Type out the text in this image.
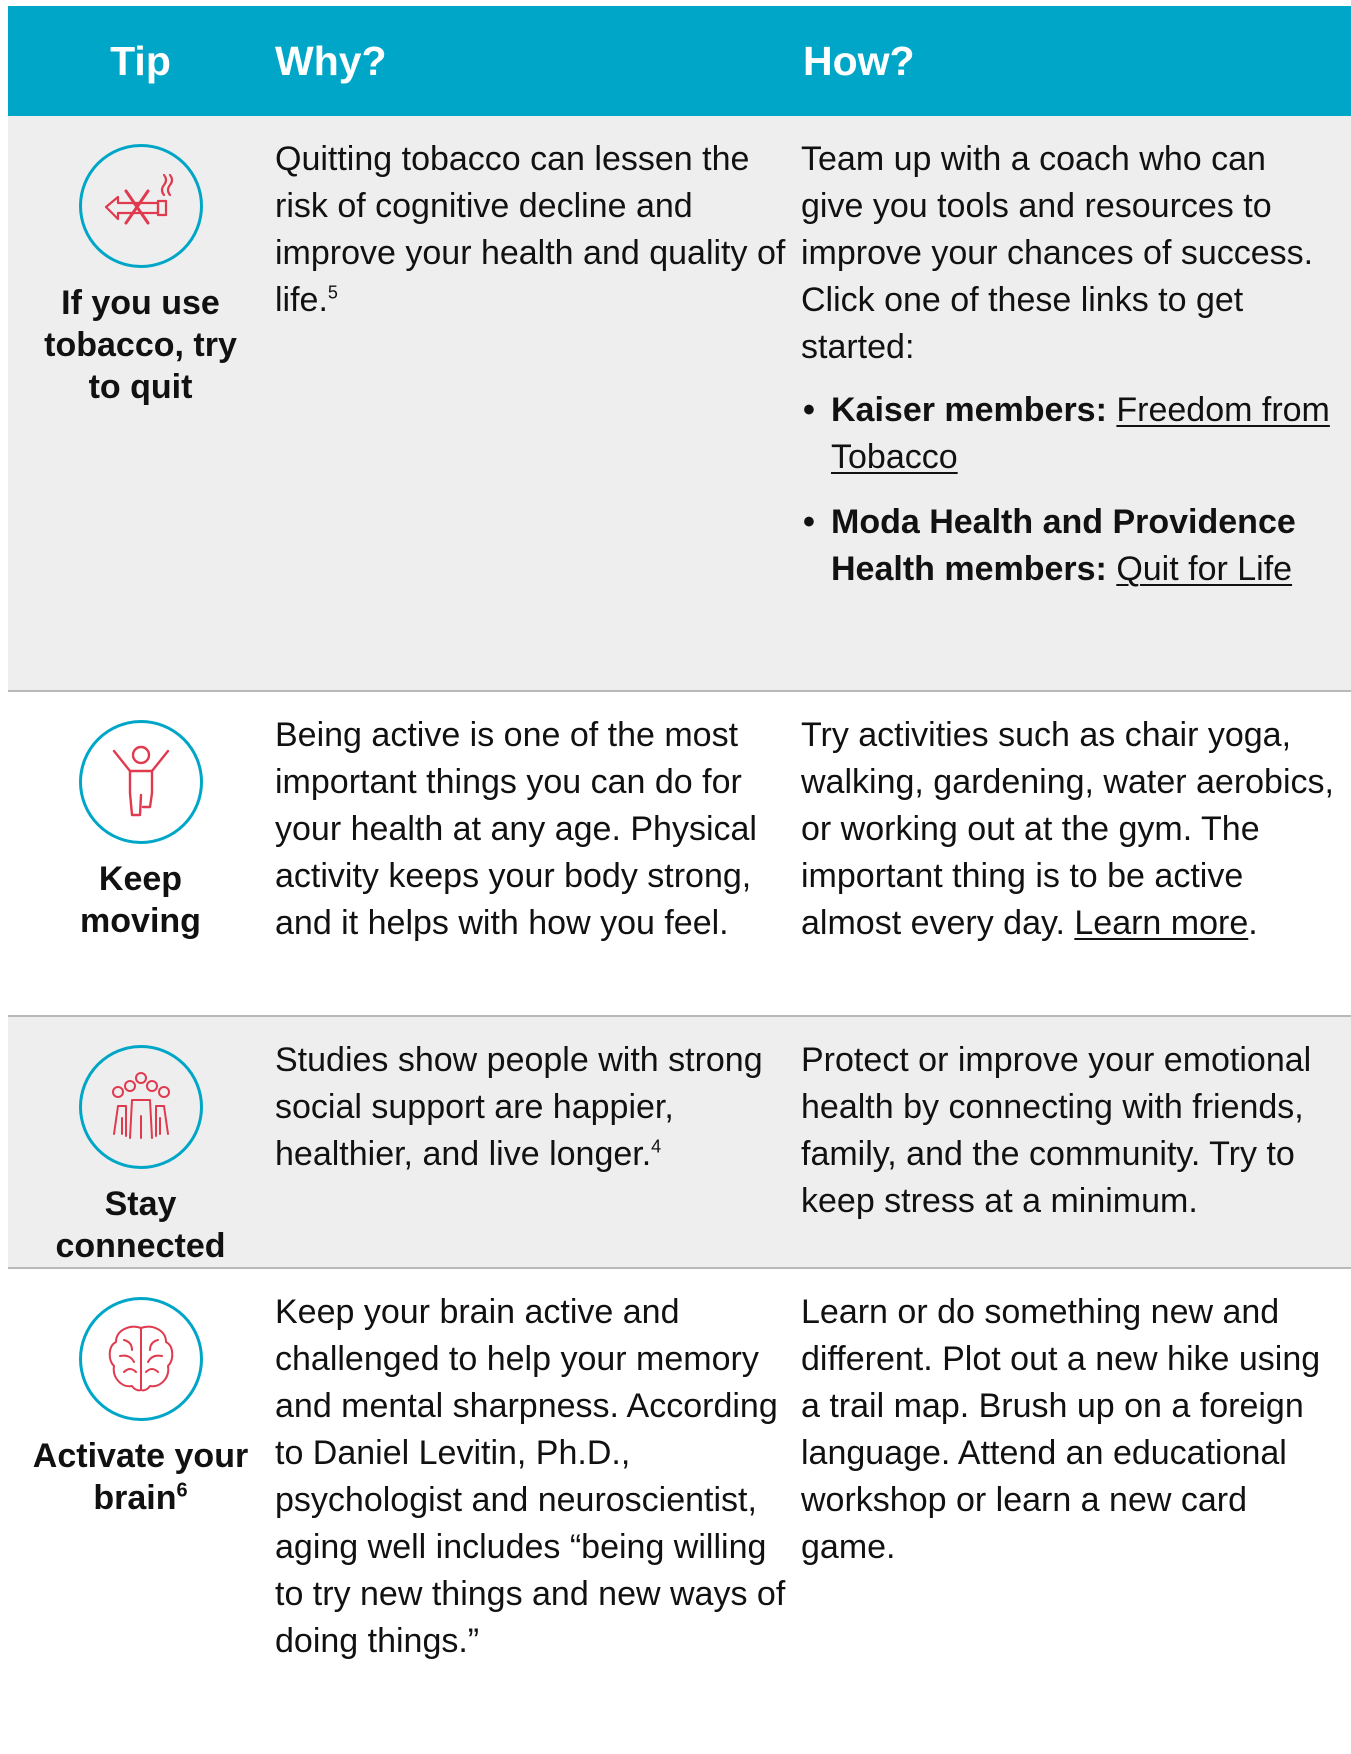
Tip	Why?	How?
If you use
tobacco, try
to quit
Quitting tobacco can lessen the risk of cognitive decline and improve your health and quality of life.$^5$
Team up with a coach who can give you tools and resources to improve your chances of success. Click one of these links to get started:
• Kaiser members: Freedom from Tobacco
• Moda Health and Providence Health members: Quit for Life
Keep
moving
Being active is one of the most important things you can do for your health at any age. Physical activity keeps your body strong, and it helps with how you feel.
Try activities such as chair yoga, walking, gardening, water aerobics, or working out at the gym. The important thing is to be active almost every day. Learn more.
Stay
connected
Studies show people with strong social support are happier, healthier, and live longer.$^4$
Protect or improve your emotional health by connecting with friends, family, and the community. Try to keep stress at a minimum.
Activate your
brain$^6$
Keep your brain active and challenged to help your memory and mental sharpness. According to Daniel Levitin, Ph.D., psychologist and neuroscientist, aging well includes “being willing to try new things and new ways of doing things.”
Learn or do something new and different. Plot out a new hike using a trail map. Brush up on a foreign language. Attend an educational workshop or learn a new card game.
